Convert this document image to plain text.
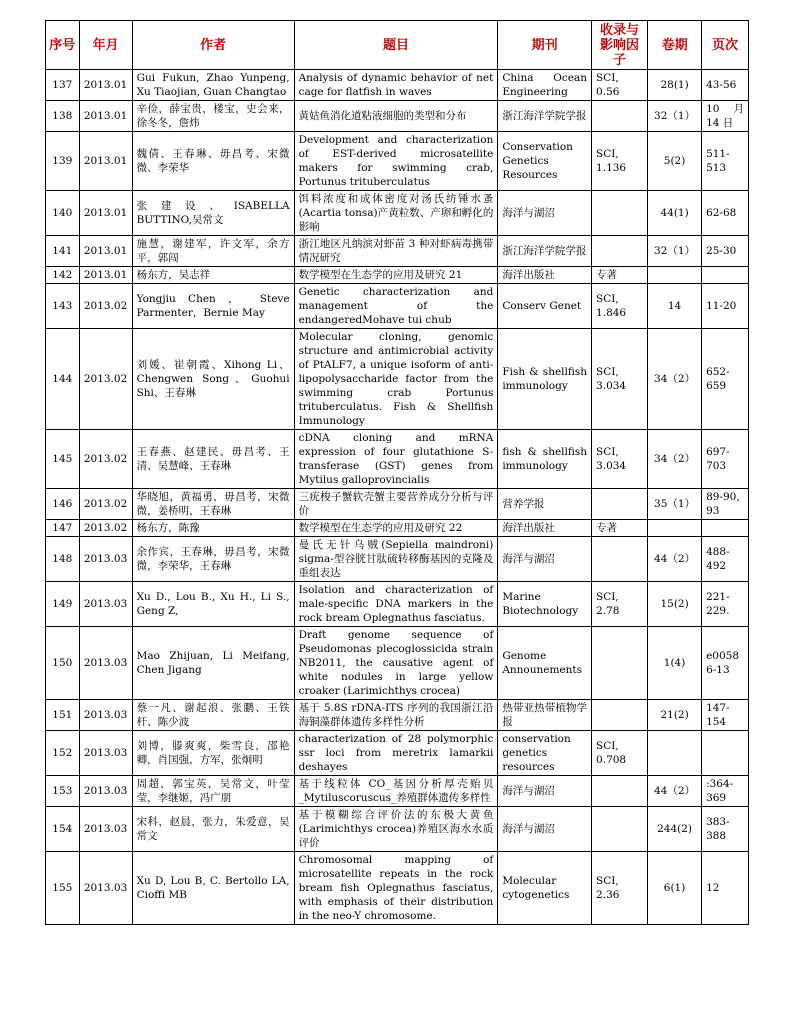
序号	年月	作者	题目	期刊	收录与影响因子	卷期	页次
137	2013.01	Gui Fukun, Zhao Yunpeng, Xu Tiaojian, Guan Changtao	Analysis of dynamic behavior of net cage for flatfish in waves	China Ocean Engineering	SCI, 0.56	28(1)	43-56
138	2013.01	辛俭，薛宝贵，楼宝，史会来，徐冬冬，詹炜	黄姑鱼消化道粘液细胞的类型和分布	浙江海洋学院学报		32（1）	10 月 14 日
139	2013.01	魏倩、王春琳、毋昌考、宋微微、李荣华	Development and characterization of EST-derived microsatellite makers for swimming crab, Portunus trituberculatus	Conservation Genetics Resources	SCI, 1.136	5(2)	511-513
140	2013.01	张建设、ISABELLA BUTTINO,吴常文	饵料浓度和成体密度对汤氏纺锤水蚤(Acartia tonsa)产黄粒数、产卵和孵化的影响	海洋与湖沼		44(1)	62-68
141	2013.01	施慧，谢建军，许文军，余方平，郭闯	浙江地区凡纳滨对虾苗 3 种对虾病毒携带情况研究	浙江海洋学院学报		32（1）	25-30
142	2013.01	杨东方，吴志祥	数学模型在生态学的应用及研究 21	海洋出版社	专著		
143	2013.02	Yongjiu Chen ， Steve Parmenter，Bernie May	Genetic characterization and management of the endangeredMohave tui chub	Conserv Genet	SCI, 1.846	14	11-20
144	2013.02	刘媛、崔朝霞、Xihong Li、Chengwen Song、Guohui Shi、王春琳	Molecular cloning, genomic structure and antimicrobial activity of PtALF7, a unique isoform of anti-lipopolysaccharide factor from the swimming crab Portunus trituberculatus. Fish & Shellfish Immunology	Fish & shellfish immunology	SCI, 3.034	34（2）	652-659
145	2013.02	王春燕、赵建民、毋昌考、王清、吴慧峰、王春琳	cDNA cloning and mRNA expression of four glutathione S-transferase (GST) genes from Mytilus galloprovincialis	fish & shellfish immunology	SCI, 3.034	34（2）	697-703
146	2013.02	华晓旭，黄福勇，毋昌考，宋微微，姜桥明，王春琳	三疣梭子蟹软壳蟹主要营养成分分析与评价	营养学报		35（1）	89-90, 93
147	2013.02	杨东方，陈豫	数学模型在生态学的应用及研究 22	海洋出版社	专著		
148	2013.03	余作宾，王春琳，毋昌考，宋微微，李荣华，王春琳	曼氏无针乌贼(Sepiella maindroni) sigma-型谷胱甘肽硫转移酶基因的克隆及重组表达	海洋与湖沼		44（2）	488-492
149	2013.03	Xu D., Lou B., Xu H., Li S., Geng Z,	Isolation and characterization of male-specific DNA markers in the rock bream Oplegnathus fasciatus.	Marine Biotechnology	SCI, 2.78	15(2)	221-229.
150	2013.03	Mao Zhijuan, Li Meifang, Chen Jigang	Draft genome sequence of Pseudomonas plecoglossicida strain NB2011, the causative agent of white nodules in large yellow croaker (Larimichthys crocea)	Genome Announements		1(4)	e00586-13
151	2013.03	蔡一凡、谢起浪、张鹏、王铁杆、陈少波	基于 5.8S rDNA-ITS 序列的我国浙江沿海铜藻群体遗传多样性分析	热带亚热带植物学报		21(2)	147-154
152	2013.03	刘博，滕爽爽，柴雪良，邵艳卿，肖国强，方军，张炯明	characterization of 28 polymorphic ssr loci from meretrix lamarkii deshayes	conservation genetics resources	SCI, 0.708		
153	2013.03	周超，郭宝英，吴常文，叶莹莹，李继姬，冯广朋	基于线粒体 CO_基因分析厚壳贻贝_Mytiluscoruscus_养殖群体遗传多样性	海洋与湖沼		44（2）	:364-369
154	2013.03	宋科，赵晨，张力，朱爱意，吴常文	基于模糊综合评价法的东极大黄鱼(Larimichthys crocea)养殖区海水水质评价	海洋与湖沼		244(2)	383-388
155	2013.03	Xu D, Lou B, C. Bertollo LA, Cioffi MB	Chromosomal mapping of microsatellite repeats in the rock bream fish Oplegnathus fasciatus, with emphasis of their distribution in the neo-Y chromosome.	Molecular cytogenetics	SCI, 2.36	6(1)	12
